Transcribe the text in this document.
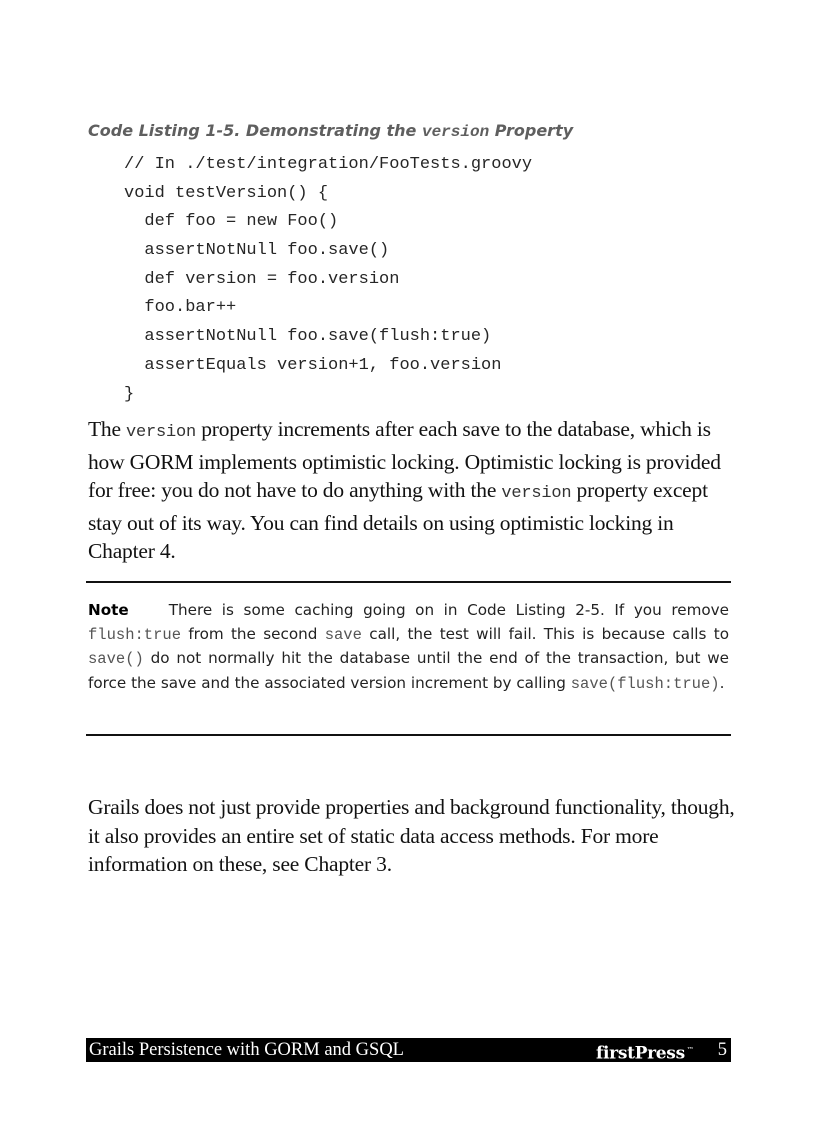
Code Listing 1-5. Demonstrating the version Property
// In ./test/integration/FooTests.groovy
void testVersion() {
def foo = new Foo()
assertNotNull foo.save()
def version = foo.version
foo.bar++
assertNotNull foo.save(flush:true)
assertEquals version+1, foo.version
}
The version property increments after each save to the database, which is how GORM implements optimistic locking. Optimistic locking is provided for free: you do not have to do anything with the version property except stay out of its way. You can find details on using optimistic locking in Chapter 4.
Note	There is some caching going on in Code Listing 2-5. If you remove flush:true from the second save call, the test will fail. This is because calls to save() do not normally hit the database until the end of the transaction, but we force the save and the associated version increment by calling save(flush:true).
Grails does not just provide properties and background functionality, though, it also provides an entire set of static data access methods. For more information on these, see Chapter 3.
Grails Persistence with GORM and GSQL	firstPress ™ 5
